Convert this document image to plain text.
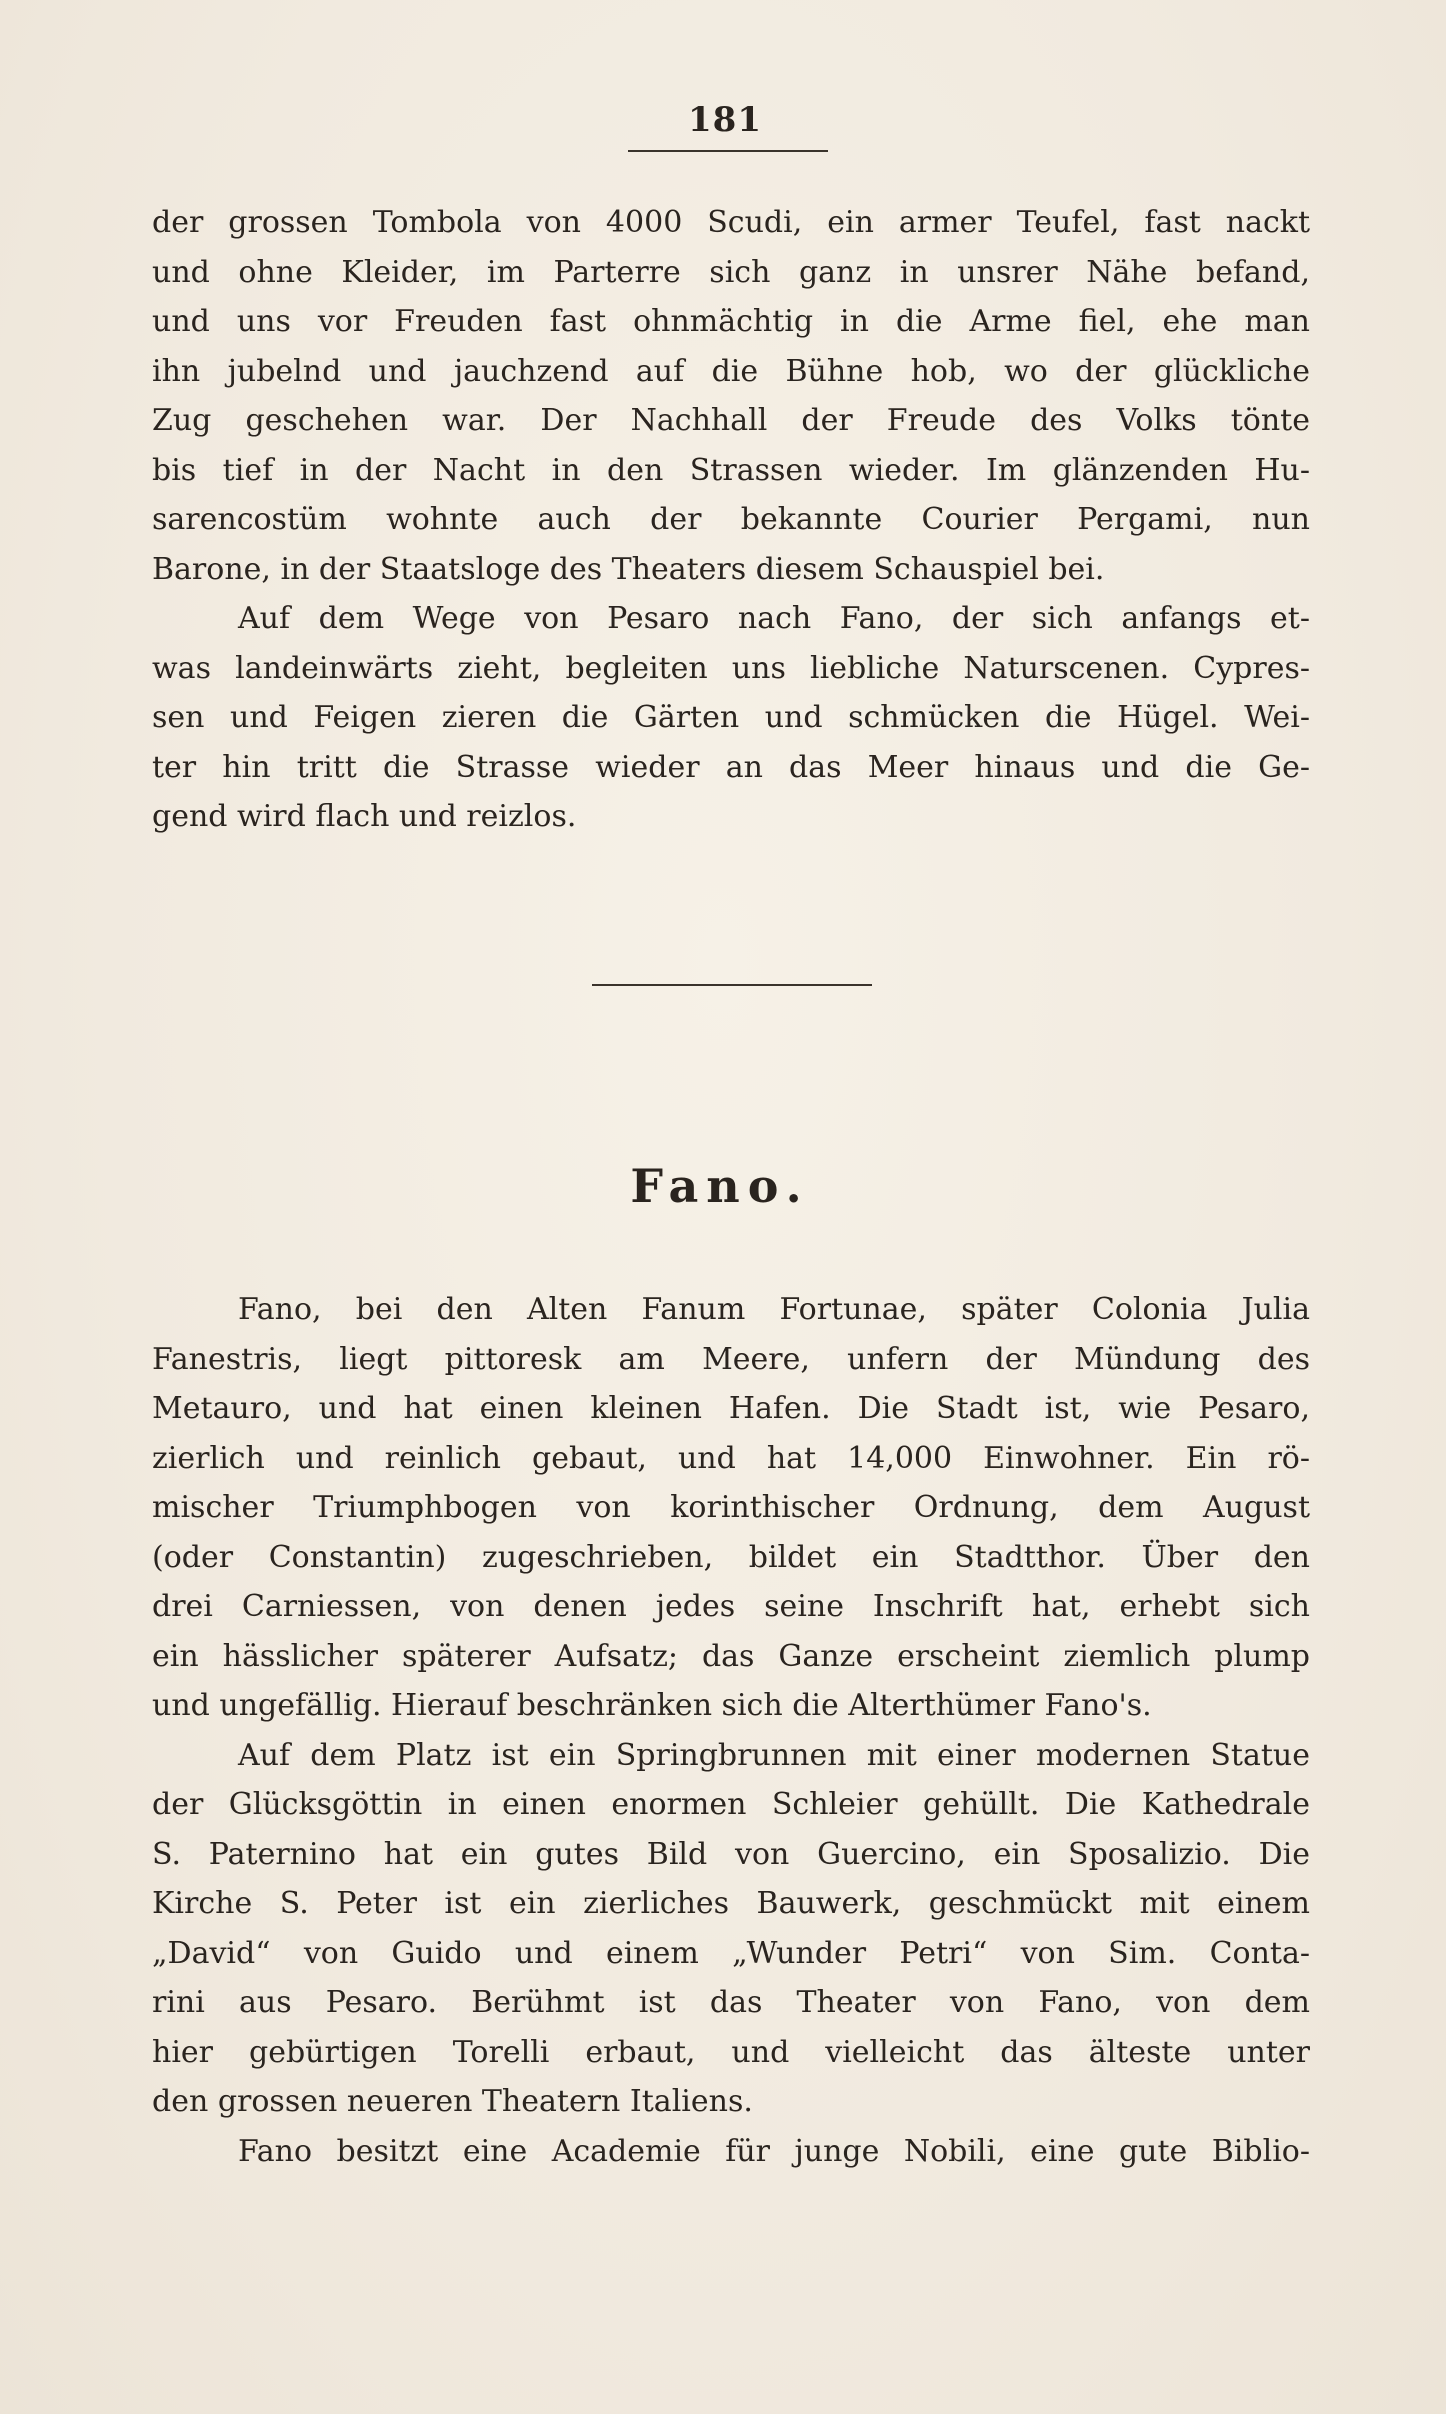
181
der grossen Tombola von 4000 Scudi, ein armer Teufel, fast nackt
und ohne Kleider, im Parterre sich ganz in unsrer Nähe befand,
und uns vor Freuden fast ohnmächtig in die Arme fiel, ehe man
ihn jubelnd und jauchzend auf die Bühne hob, wo der glückliche
Zug geschehen war. Der Nachhall der Freude des Volks tönte
bis tief in der Nacht in den Strassen wieder. Im glänzenden Hu-
sarencostüm wohnte auch der bekannte Courier Pergami, nun
Barone, in der Staatsloge des Theaters diesem Schauspiel bei.
Auf dem Wege von Pesaro nach Fano, der sich anfangs et-
was landeinwärts zieht, begleiten uns liebliche Naturscenen. Cypres-
sen und Feigen zieren die Gärten und schmücken die Hügel. Wei-
ter hin tritt die Strasse wieder an das Meer hinaus und die Ge-
gend wird flach und reizlos.
Fano.
Fano, bei den Alten Fanum Fortunae, später Colonia Julia
Fanestris, liegt pittoresk am Meere, unfern der Mündung des
Metauro, und hat einen kleinen Hafen. Die Stadt ist, wie Pesaro,
zierlich und reinlich gebaut, und hat 14,000 Einwohner. Ein rö-
mischer Triumphbogen von korinthischer Ordnung, dem August
(oder Constantin) zugeschrieben, bildet ein Stadtthor. Über den
drei Carniessen, von denen jedes seine Inschrift hat, erhebt sich
ein hässlicher späterer Aufsatz; das Ganze erscheint ziemlich plump
und ungefällig. Hierauf beschränken sich die Alterthümer Fano's.
Auf dem Platz ist ein Springbrunnen mit einer modernen Statue
der Glücksgöttin in einen enormen Schleier gehüllt. Die Kathedrale
S. Paternino hat ein gutes Bild von Guercino, ein Sposalizio. Die
Kirche S. Peter ist ein zierliches Bauwerk, geschmückt mit einem
„David“ von Guido und einem „Wunder Petri“ von Sim. Conta-
rini aus Pesaro. Berühmt ist das Theater von Fano, von dem
hier gebürtigen Torelli erbaut, und vielleicht das älteste unter
den grossen neueren Theatern Italiens.
Fano besitzt eine Academie für junge Nobili, eine gute Biblio-
